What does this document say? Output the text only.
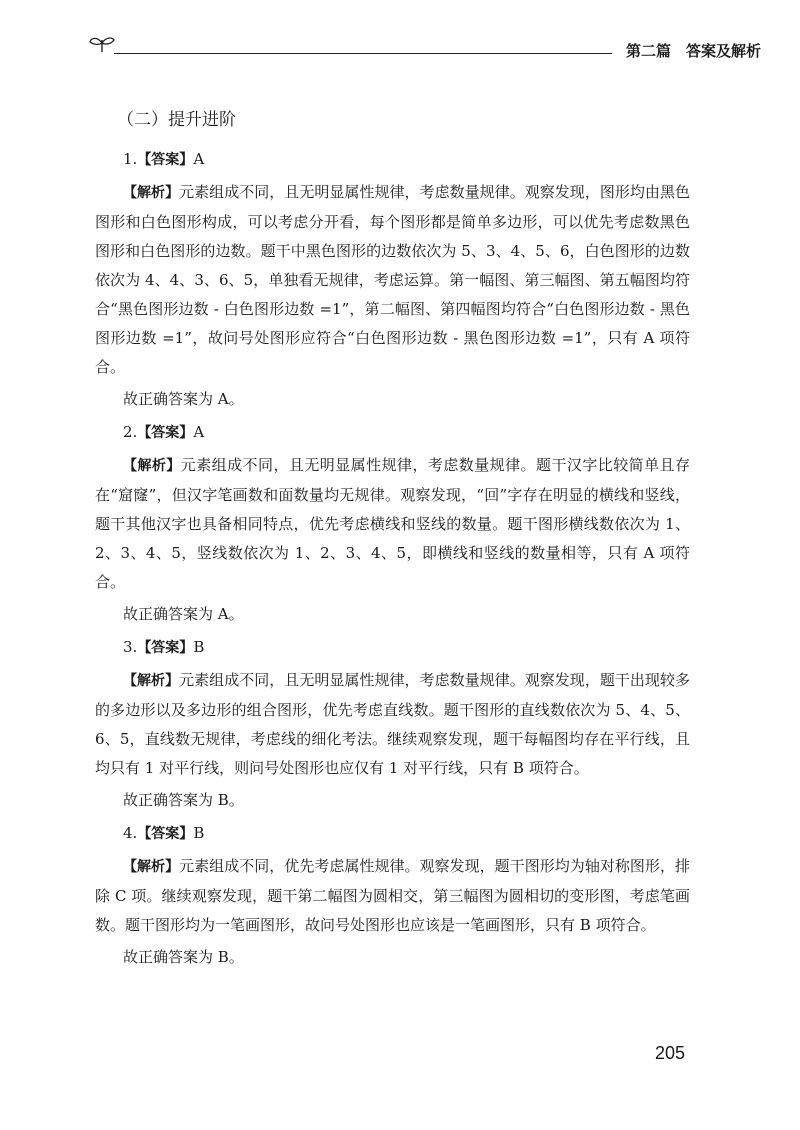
第二篇　答案及解析
（二）提升进阶
1.【答案】A

【解析】元素组成不同，且无明显属性规律，考虑数量规律。观察发现，图形均由黑色图形和白色图形构成，可以考虑分开看，每个图形都是简单多边形，可以优先考虑数黑色图形和白色图形的边数。题干中黑色图形的边数依次为 5、3、4、5、6，白色图形的边数依次为 4、4、3、6、5，单独看无规律，考虑运算。第一幅图、第三幅图、第五幅图均符合“黑色图形边数 - 白色图形边数 =1”，第二幅图、第四幅图均符合“白色图形边数 - 黑色图形边数 =1”，故问号处图形应符合“白色图形边数 - 黑色图形边数 =1”，只有 A 项符合。

故正确答案为 A。

2.【答案】A

【解析】元素组成不同，且无明显属性规律，考虑数量规律。题干汉字比较简单且存在“窟窿”，但汉字笔画数和面数量均无规律。观察发现，“回”字存在明显的横线和竖线，题干其他汉字也具备相同特点，优先考虑横线和竖线的数量。题干图形横线数依次为 1、2、3、4、5，竖线数依次为 1、2、3、4、5，即横线和竖线的数量相等，只有 A 项符合。

故正确答案为 A。

3.【答案】B

【解析】元素组成不同，且无明显属性规律，考虑数量规律。观察发现，题干出现较多的多边形以及多边形的组合图形，优先考虑直线数。题干图形的直线数依次为 5、4、5、6、5，直线数无规律，考虑线的细化考法。继续观察发现，题干每幅图均存在平行线，且均只有 1 对平行线，则问号处图形也应仅有 1 对平行线，只有 B 项符合。

故正确答案为 B。

4.【答案】B

【解析】元素组成不同，优先考虑属性规律。观察发现，题干图形均为轴对称图形，排除 C 项。继续观察发现，题干第二幅图为圆相交，第三幅图为圆相切的变形图，考虑笔画数。题干图形均为一笔画图形，故问号处图形也应该是一笔画图形，只有 B 项符合。

故正确答案为 B。

205
